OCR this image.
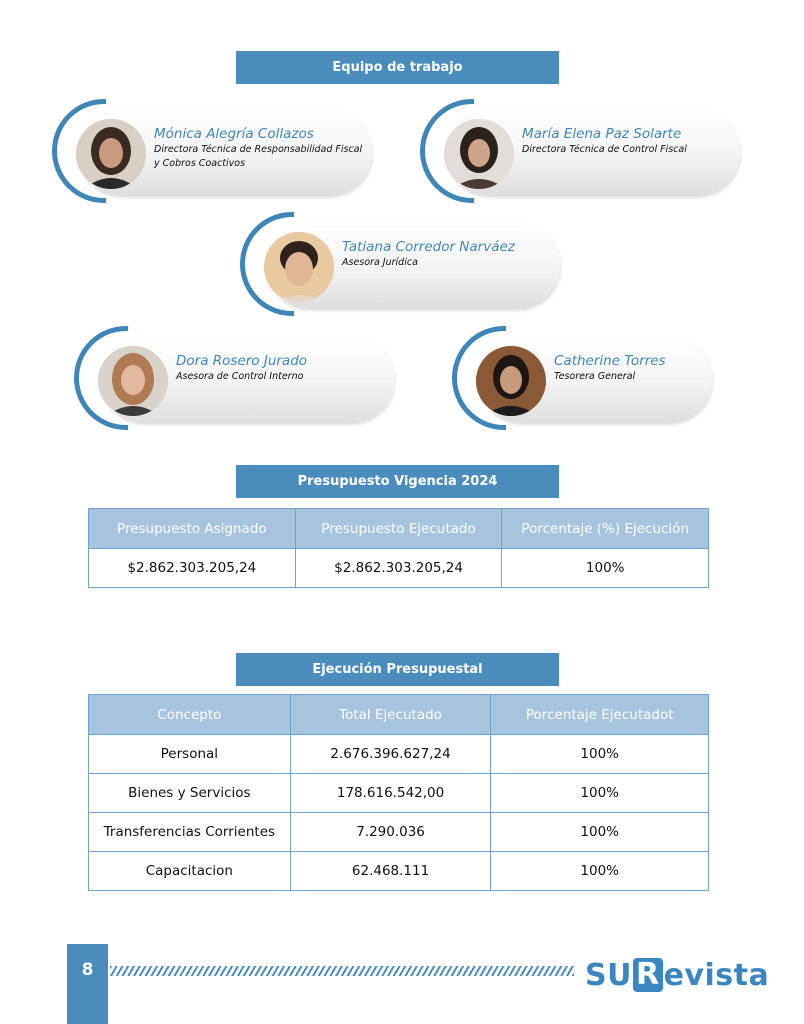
Equipo de trabajo
Mónica Alegría Collazos
Directora Técnica de Responsabilidad Fiscal y Cobros Coactivos
María Elena Paz Solarte
Directora Técnica de Control Fiscal
Tatiana Corredor Narváez
Asesora Jurídica
Dora Rosero Jurado
Asesora de Control Interno
Catherine Torres
Tesorera General
Presupuesto Vigencia 2024
Presupuesto Asignado	Presupuesto Ejecutado	Porcentaje (%) Ejecución
$2.862.303.205,24	$2.862.303.205,24	100%
Ejecución Presupuestal
Concepto	Total Ejecutado	Porcentaje Ejecutadot
Personal	2.676.396.627,24	100%
Bienes y Servicios	178.616.542,00	100%
Transferencias Corrientes	7.290.036	100%
Capacitacion	62.468.111	100%
8	SU R evista
